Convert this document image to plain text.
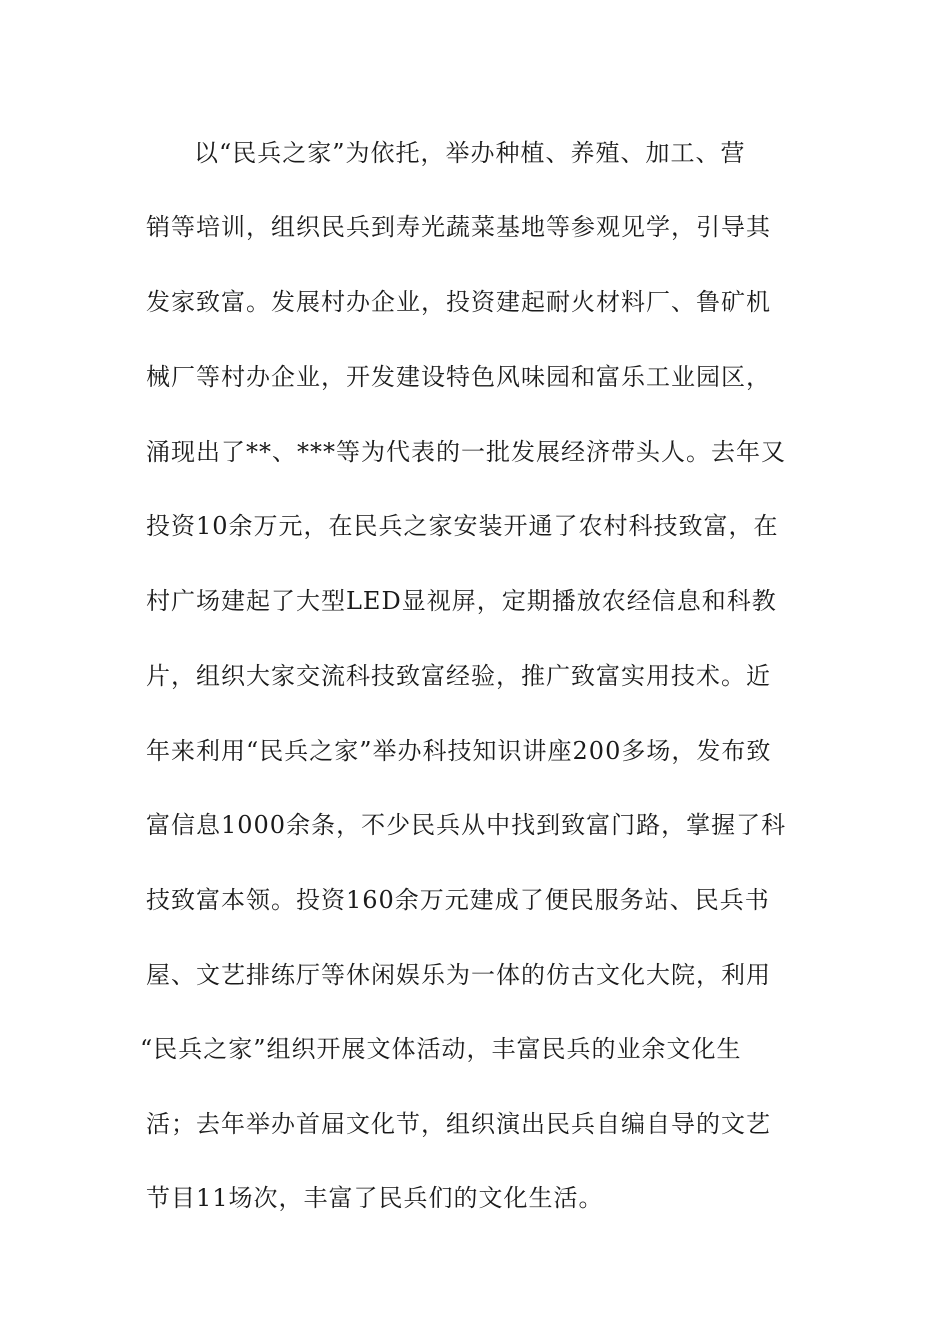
以“民兵之家”为依托，举办种植、养殖、加工、营
销等培训，组织民兵到寿光蔬菜基地等参观见学，引导其
发家致富。发展村办企业，投资建起耐火材料厂、鲁矿机
械厂等村办企业，开发建设特色风味园和富乐工业园区，
涌现出了**、***等为代表的一批发展经济带头人。去年又
投资10余万元，在民兵之家安装开通了农村科技致富，在
村广场建起了大型LED显视屏，定期播放农经信息和科教
片，组织大家交流科技致富经验，推广致富实用技术。近
年来利用“民兵之家”举办科技知识讲座200多场，发布致
富信息1000余条，不少民兵从中找到致富门路，掌握了科
技致富本领。投资160余万元建成了便民服务站、民兵书
屋、文艺排练厅等休闲娱乐为一体的仿古文化大院，利用
“民兵之家”组织开展文体活动，丰富民兵的业余文化生
活；去年举办首届文化节，组织演出民兵自编自导的文艺
节目11场次，丰富了民兵们的文化生活。
